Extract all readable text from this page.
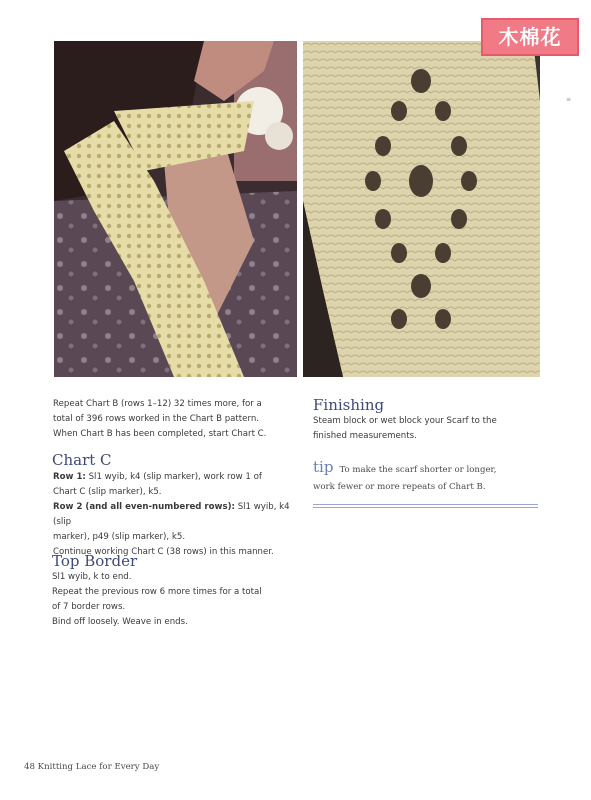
木棉花
≡

Repeat Chart B (rows 1–12) 32 times more, for a

total of 396 rows worked in the Chart B pattern.

When Chart B has been completed, start Chart C.

Chart C

Row 1: Sl1 wyib, k4 (slip marker), work row 1 of

Chart C (slip marker), k5.

Row 2 (and all even-numbered rows): Sl1 wyib, k4 (slip

marker), p49 (slip marker), k5.

Continue working Chart C (38 rows) in this manner.

Top Border

Sl1 wyib, k to end.

Repeat the previous row 6 more times for a total

of 7 border rows.

Bind off loosely. Weave in ends.

Finishing

Steam block or wet block your Scarf to the

finished measurements.

tip To make the scarf shorter or longer,

work fewer or more repeats of Chart B.

48 Knitting Lace for Every Day
